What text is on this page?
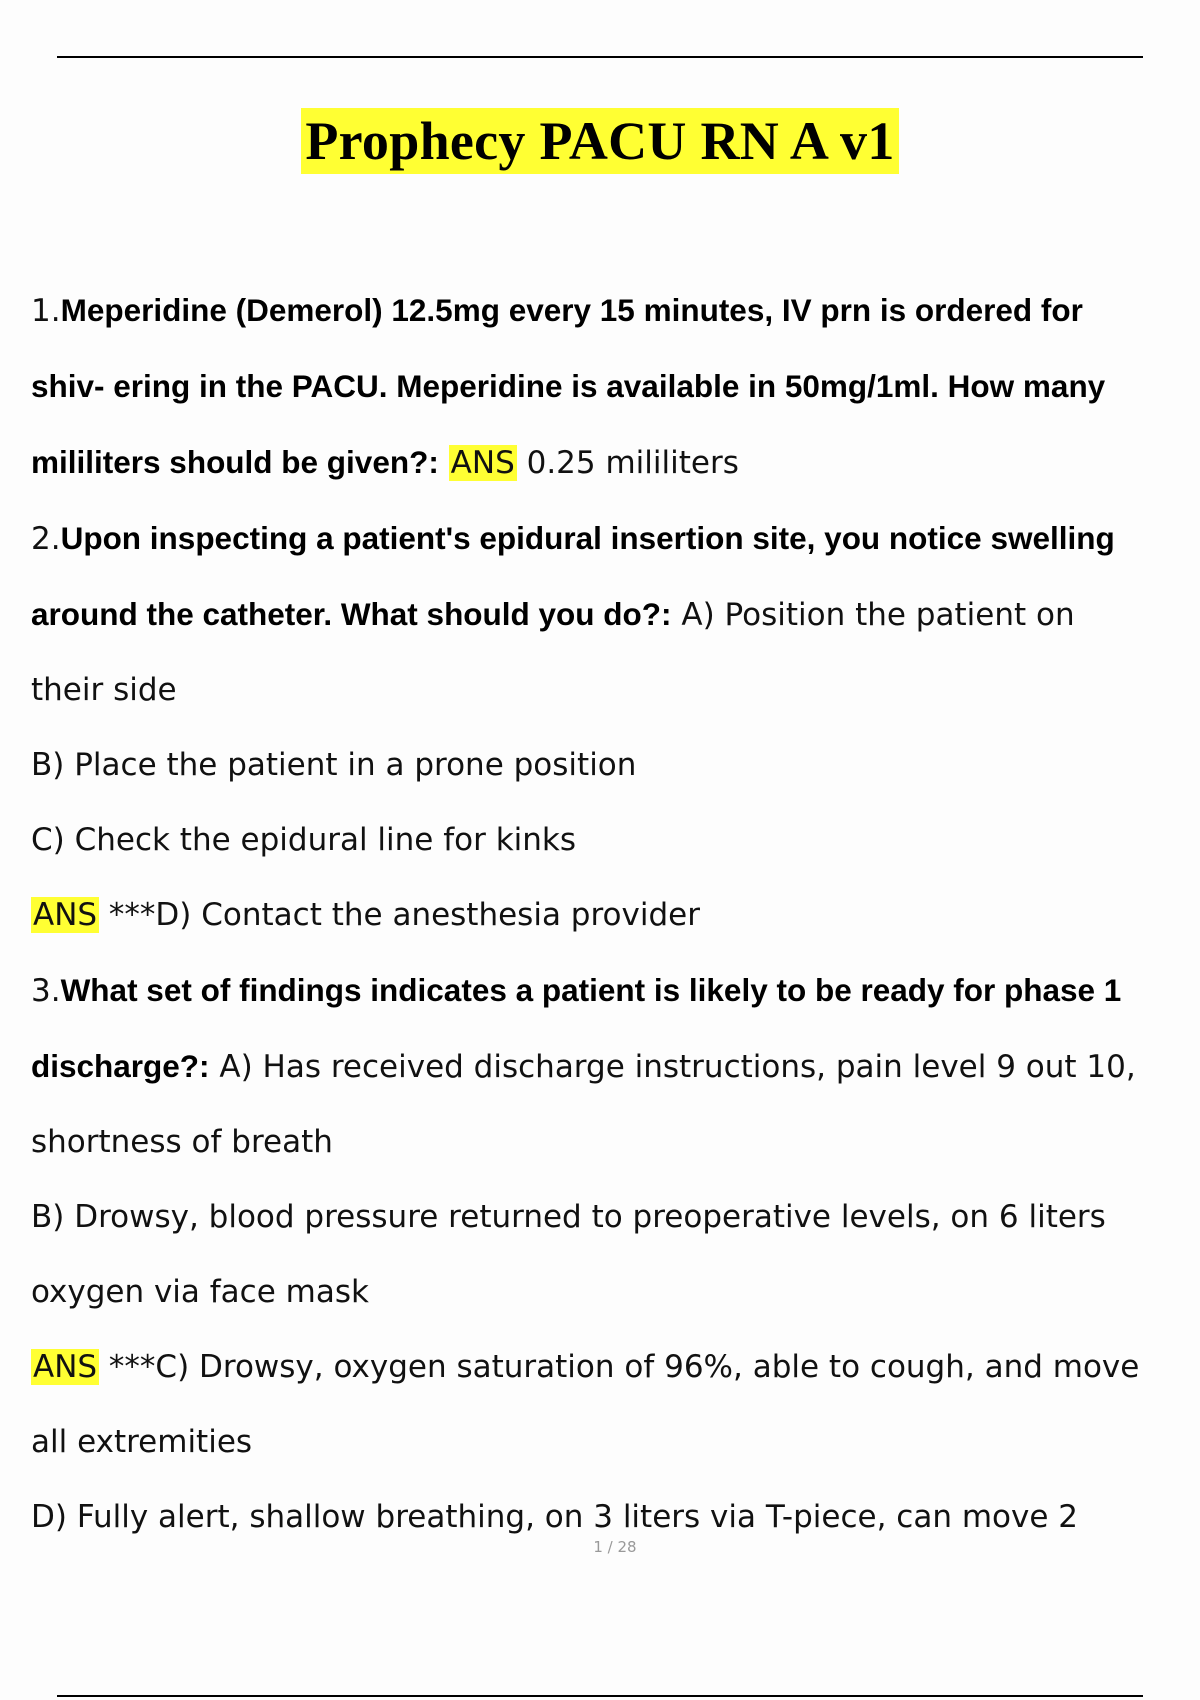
Prophecy PACU RN A v1
1.Meperidine (Demerol) 12.5mg every 15 minutes, IV prn is ordered for
shiv- ering in the PACU. Meperidine is available in 50mg/1ml. How many
mililiters should be given?: ANS 0.25 mililiters
2.Upon inspecting a patient's epidural insertion site, you notice swelling
around the catheter. What should you do?: A) Position the patient on
their side
B) Place the patient in a prone position
C) Check the epidural line for kinks
ANS ***D) Contact the anesthesia provider
3.What set of findings indicates a patient is likely to be ready for phase 1
discharge?: A) Has received discharge instructions, pain level 9 out 10,
shortness of breath
B) Drowsy, blood pressure returned to preoperative levels, on 6 liters
oxygen via face mask
ANS ***C) Drowsy, oxygen saturation of 96%, able to cough, and move
all extremities
D) Fully alert, shallow breathing, on 3 liters via T-piece, can move 2
1 / 28
